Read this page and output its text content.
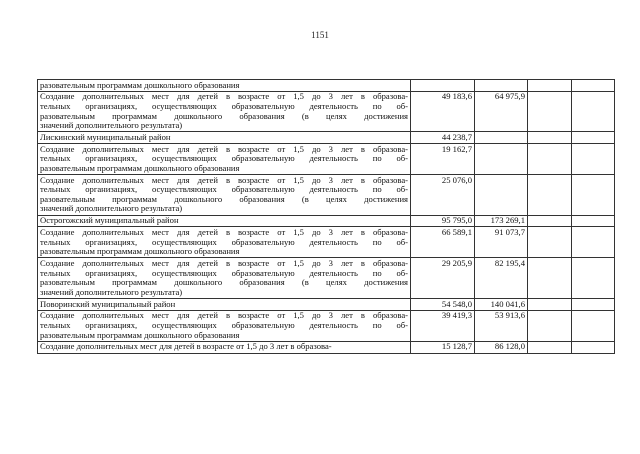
1151
разовательным программам дошкольного образования				

Создание дополнительных мест для детей в возрасте от 1,5 до 3 лет в образова-
тельных организациях, осуществляющих образовательную деятельность по об-
разовательным программам дошкольного образования (в целях достижения
значений дополнительного результата)	49 183,6	64 975,9		

Лискинский муниципальный район	44 238,7			

Создание дополнительных мест для детей в возрасте от 1,5 до 3 лет в образова-
тельных организациях, осуществляющих образовательную деятельность по об-
разовательным программам дошкольного образования	19 162,7			

Создание дополнительных мест для детей в возрасте от 1,5 до 3 лет в образова-
тельных организациях, осуществляющих образовательную деятельность по об-
разовательным программам дошкольного образования (в целях достижения
значений дополнительного результата)	25 076,0			

Острогожский муниципальный район	95 795,0	173 269,1		

Создание дополнительных мест для детей в возрасте от 1,5 до 3 лет в образова-
тельных организациях, осуществляющих образовательную деятельность по об-
разовательным программам дошкольного образования	66 589,1	91 073,7		

Создание дополнительных мест для детей в возрасте от 1,5 до 3 лет в образова-
тельных организациях, осуществляющих образовательную деятельность по об-
разовательным программам дошкольного образования (в целях достижения
значений дополнительного результата)	29 205,9	82 195,4		

Поворинский муниципальный район	54 548,0	140 041,6		

Создание дополнительных мест для детей в возрасте от 1,5 до 3 лет в образова-
тельных организациях, осуществляющих образовательную деятельность по об-
разовательным программам дошкольного образования	39 419,3	53 913,6		

Создание дополнительных мест для детей в возрасте от 1,5 до 3 лет в образова-	15 128,7	86 128,0		
